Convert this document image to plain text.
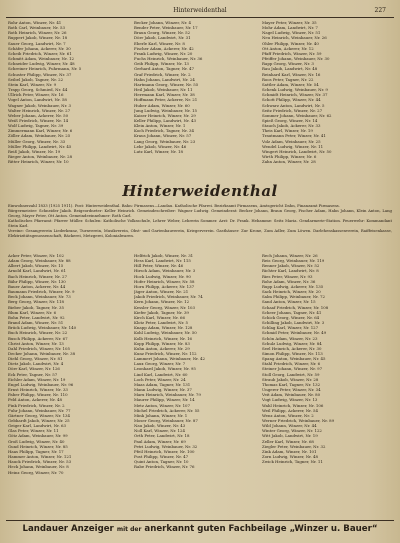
Hinterweidenthal	227
Rohr Anton, Winzer, Nr. 41
Roth Carl, Weinbauer, Nr. 53
Roth Heinrich, Winzer, Nr. 26
Ruppert Jakob, Winzer, Nr. 18
Sauer Georg, Landwirt, Nr. 7
Schäfer Johann, Ackerer, Nr. 30
Scheib Friedrich, Winzer, Nr. 61
Schmitt Adam, Weinbauer, Nr. 12
Schneider Ludwig, Winzer, Nr. 48
Schreiner Heinrich, Fuhrmann, Nr. 5
Schuster Philipp, Winzer, Nr. 37
Seibel Jakob, Tagner, Nr. 22
Stein Karl, Winzer, Nr. 9
Trapp Georg, Schmied, Nr. 44
Ullrich Peter, Winzer, Nr. 16
Vogel Anton, Landwirt, Nr. 58
Wagner Jakob, Weinbauer, Nr. 3
Walter Heinrich, Winzer, Nr. 27
Weber Johann, Ackerer, Nr. 50
Weiß Friedrich, Winzer, Nr. 14
Wolf Ludwig, Tagner, Nr. 39
Zimmermann Karl, Winzer, Nr. 6
Zöller Adam, Weinbauer, Nr. 25
Müller Georg, Winzer, Nr. 33
Müller Philipp, Landwirt, Nr. 45
Reiß Jakob, Winzer, Nr. 19
Rieger Anton, Weinbauer, Nr. 28
Ritter Heinrich, Winzer, Nr. 10
Becker Johann, Winzer, Nr. 4
Bender Peter, Weinbauer, Nr. 17
Braun Georg, Winzer, Nr. 52
Dörr Jakob, Landwirt, Nr. 31
Eberle Karl, Winzer, Nr. 8
Fischer Adam, Ackerer, Nr. 42
Frank Ludwig, Winzer, Nr. 20
Fuchs Heinrich, Weinbauer, Nr. 36
Geib Philipp, Winzer, Nr. 13
Gerhard Anton, Tagner, Nr. 47
Graf Friedrich, Winzer, Nr. 2
Hahn Johann, Landwirt, Nr. 24
Hartmann Georg, Winzer, Nr. 55
Heil Jakob, Weinbauer, Nr. 11
Herrmann Karl, Winzer, Nr. 38
Hoffmann Peter, Ackerer, Nr. 21
Huber Adam, Winzer, Nr. 60
Jung Ludwig, Weinbauer, Nr. 15
Kaiser Heinrich, Winzer, Nr. 29
Keller Philipp, Landwirt, Nr. 43
Klein Anton, Winzer, Nr. 1
Koch Friedrich, Tagner, Nr. 34
Kraus Johann, Winzer, Nr. 57
Lang Georg, Weinbauer, Nr. 23
Lehr Jakob, Winzer, Nr. 46
Lutz Karl, Winzer, Nr. 18
Mayer Peter, Winzer, Nr. 35
Mohr Adam, Landwirt, Nr. 7
Nagel Ludwig, Winzer, Nr. 51
Neu Heinrich, Weinbauer, Nr. 26
Ohler Philipp, Winzer, Nr. 40
Ott Anton, Ackerer, Nr. 12
Pfaff Friedrich, Winzer, Nr. 59
Pfeiffer Johann, Weinbauer, Nr. 30
Rapp Georg, Winzer, Nr. 3
Rau Jakob, Landwirt, Nr. 48
Reinhard Karl, Winzer, Nr. 16
Roos Peter, Tagner, Nr. 22
Sattler Adam, Winzer, Nr. 54
Schenk Ludwig, Weinbauer, Nr. 9
Schmidt Heinrich, Winzer, Nr. 37
Schott Philipp, Winzer, Nr. 44
Schwarz Anton, Landwirt, Nr. 5
Seitz Friedrich, Winzer, Nr. 27
Sommer Johann, Weinbauer, Nr. 62
Spieß Georg, Winzer, Nr. 14
Stauch Jakob, Ackerer, Nr. 33
Theis Karl, Winzer, Nr. 19
Trautmann Peter, Winzer, Nr. 41
Volz Adam, Weinbauer, Nr. 25
Wendel Ludwig, Winzer, Nr. 11
Wingert Heinrich, Landwirt, Nr. 50
Wirth Philipp, Winzer, Nr. 6
Zahn Anton, Winzer, Nr. 28
Hinterweidenthal

Einwohnerzahl 1833 (1925 1911). Post: Hinterweidenthal. Bahn: Pirmasens—Landau. Katholische Pfarrei. Bezirksamt Pirmasens, Amtsgericht Dahn, Finanzamt Pirmasens.

Bürgermeister: Schneider Jakob. Beigeordneter: Keller Heinrich. Gemeindeschreiber: Wagner Ludwig. Gemeinderat: Becker Johann, Braun Georg, Fischer Adam, Hahn Johann, Klein Anton, Lang Georg, Mayer Peter, Ott Anton. Gemeindeeinnehmer: Roth Carl.

Katholisches Pfarramt: Pfarrer Müller. Schulen: Katholische Volksschule, Lehrer Weber, Lehrerin Sommer. Arzt: Dr. Frank. Hebamme: Seitz Maria. Gendarmerie-Station. Feuerwehr: Kommandant Stein Karl.

Vereine: Gesangverein Liederkranz, Turnverein, Musikverein, Obst- und Gartenbauverein, Kriegerverein. Gasthäuser: Zur Krone, Zum Adler, Zum Löwen. Darlehenskassenverein, Raiffeisenkasse, Elektrizitätsgenossenschaft, Bäckerei, Metzgerei, Kolonialwaren.

Acker Peter, Winzer, Nr. 102
Adam Georg, Weinbauer, Nr. 88
Albert Jakob, Winzer, Nr. 15
Arnold Karl, Landwirt, Nr. 61
Bach Heinrich, Winzer, Nr. 27
Bähr Philipp, Winzer, Nr. 130
Bauer Anton, Ackerer, Nr. 44
Baumann Friedrich, Winzer, Nr. 9
Beck Johann, Weinbauer, Nr. 73
Berg Georg, Winzer, Nr. 118
Bieber Jakob, Tagner, Nr. 35
Blum Karl, Winzer, Nr. 6
Bohn Peter, Landwirt, Nr. 92
Brand Adam, Winzer, Nr. 51
Brück Ludwig, Weinbauer, Nr. 140
Buch Heinrich, Winzer, Nr. 22
Busch Philipp, Ackerer, Nr. 67
Christ Anton, Winzer, Nr. 13
Dahl Friedrich, Winzer, Nr. 105
Decker Johann, Weinbauer, Nr. 38
Diehl Georg, Winzer, Nr. 81
Dietz Jakob, Landwirt, Nr. 4
Dörr Karl, Winzer, Nr. 126
Eck Peter, Tagner, Nr. 57
Eichler Adam, Winzer, Nr. 19
Engel Ludwig, Weinbauer, Nr. 96
Ernst Heinrich, Winzer, Nr. 33
Faber Philipp, Winzer, Nr. 110
Feld Anton, Ackerer, Nr. 48
Fink Friedrich, Winzer, Nr. 2
Fuhr Johann, Weinbauer, Nr. 77
Gärtner Georg, Winzer, Nr. 134
Gebhardt Jakob, Winzer, Nr. 25
Geiger Karl, Landwirt, Nr. 63
Glas Peter, Winzer, Nr. 11
Götz Adam, Weinbauer, Nr. 99
Groß Ludwig, Winzer, Nr. 40
Gund Heinrich, Winzer, Nr. 85
Haas Philipp, Tagner, Nr. 17
Hammer Anton, Winzer, Nr. 121
Hauck Friedrich, Winzer, Nr. 53
Heck Johann, Weinbauer, Nr. 8
Heinz Georg, Winzer, Nr. 70
Helfrich Jakob, Winzer, Nr. 31
Hess Karl, Landwirt, Nr. 115
Hill Peter, Winzer, Nr. 46
Hirsch Adam, Weinbauer, Nr. 3
Hock Ludwig, Winzer, Nr. 90
Hofer Heinrich, Winzer, Nr. 58
Horn Philipp, Ackerer, Nr. 137
Jäger Anton, Winzer, Nr. 21
Jakob Friedrich, Weinbauer, Nr. 74
Kern Johann, Winzer, Nr. 12
Kessler Georg, Winzer, Nr. 103
Kiefer Jakob, Tagner, Nr. 39
Kirch Karl, Winzer, Nr. 66
Klotz Peter, Landwirt, Nr. 5
Knapp Adam, Winzer, Nr. 128
Kohl Ludwig, Weinbauer, Nr. 50
Kolb Heinrich, Winzer, Nr. 16
Kopp Philipp, Winzer, Nr. 83
Kuhn Anton, Ackerer, Nr. 29
Kunz Friedrich, Winzer, Nr. 112
Lammert Johann, Weinbauer, Nr. 42
Laux Georg, Winzer, Nr. 7
Leonhard Jakob, Winzer, Nr. 95
Lind Karl, Landwirt, Nr. 60
Loch Peter, Winzer, Nr. 24
Maas Adam, Tagner, Nr. 131
Mann Ludwig, Winzer, Nr. 37
Marx Heinrich, Weinbauer, Nr. 79
Maurer Philipp, Winzer, Nr. 14
Metz Anton, Winzer, Nr. 107
Michel Friedrich, Ackerer, Nr. 55
Mink Johann, Winzer, Nr. 1
Moser Georg, Weinbauer, Nr. 87
Nau Jakob, Winzer, Nr. 43
Noll Karl, Winzer, Nr. 124
Orth Peter, Landwirt, Nr. 18
Paul Adam, Winzer, Nr. 69
Petri Ludwig, Weinbauer, Nr. 32
Pfeil Heinrich, Winzer, Nr. 100
Post Philipp, Winzer, Nr. 47
Quint Anton, Tagner, Nr. 10
Rabe Friedrich, Winzer, Nr. 76
Rech Johann, Winzer, Nr. 26
Reis Georg, Weinbauer, Nr. 119
Renner Jakob, Winzer, Nr. 52
Richter Karl, Landwirt, Nr. 8
Ries Peter, Winzer, Nr. 93
Rohe Adam, Winzer, Nr. 36
Rupp Ludwig, Ackerer, Nr. 135
Sack Heinrich, Winzer, Nr. 20
Salm Philipp, Weinbauer, Nr. 72
Sand Anton, Winzer, Nr. 15
Schaaf Friedrich, Winzer, Nr. 108
Scheer Johann, Tagner, Nr. 41
Schick Georg, Winzer, Nr. 64
Schilling Jakob, Landwirt, Nr. 3
Schlag Karl, Winzer, Nr. 127
Schmid Peter, Weinbauer, Nr. 49
Schön Adam, Winzer, Nr. 23
Schulz Ludwig, Winzer, Nr. 84
Seel Heinrich, Ackerer, Nr. 30
Simon Philipp, Winzer, Nr. 113
Spang Anton, Weinbauer, Nr. 45
Stahl Friedrich, Winzer, Nr. 6
Steiner Johann, Winzer, Nr. 97
Stoll Georg, Landwirt, Nr. 59
Straub Jakob, Winzer, Nr. 28
Thomas Karl, Tagner, Nr. 132
Ungerer Peter, Winzer, Nr. 34
Veit Adam, Weinbauer, Nr. 80
Vogt Ludwig, Winzer, Nr. 13
Wahl Heinrich, Winzer, Nr. 106
Weil Philipp, Ackerer, Nr. 54
Wenz Anton, Winzer, Nr. 2
Werner Friedrich, Weinbauer, Nr. 89
Wild Johann, Winzer, Nr. 44
Winter Georg, Winzer, Nr. 122
Witt Jakob, Landwirt, Nr. 19
Zeller Karl, Winzer, Nr. 68
Ziegler Peter, Weinbauer, Nr. 32
Zink Adam, Winzer, Nr. 101
Zorn Ludwig, Winzer, Nr. 48
Zwick Heinrich, Tagner, Nr. 11
Landauer Anzeiger mit der anerkannt guten Fachbeilage „Winzer u. Bauer“
